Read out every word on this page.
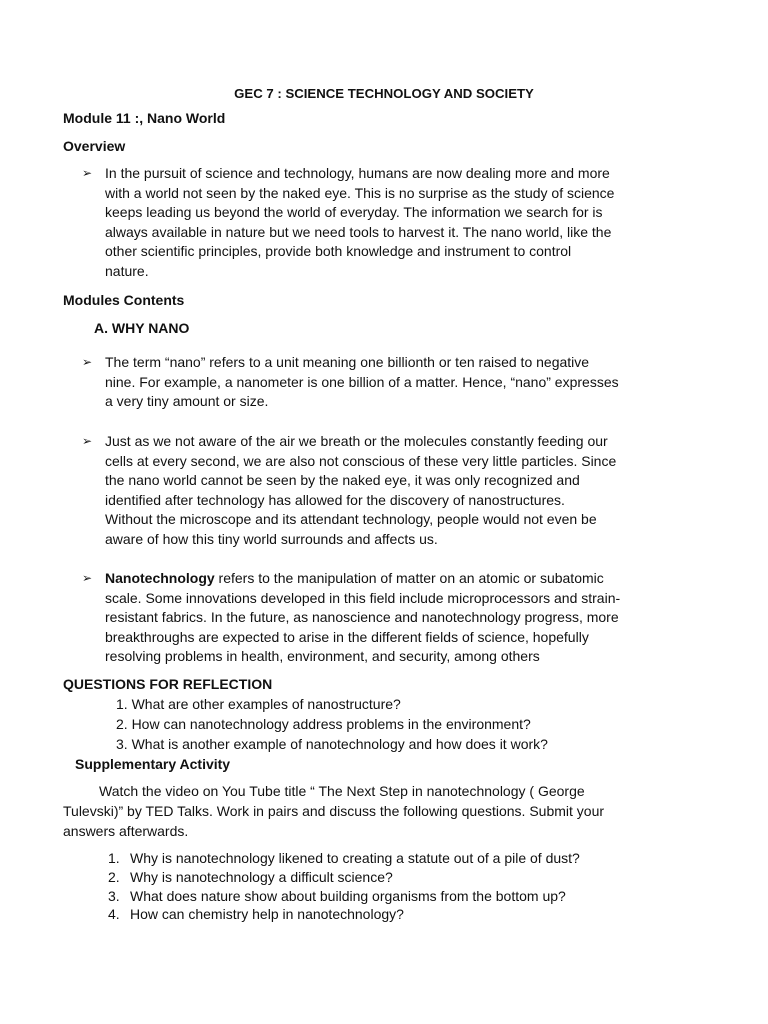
GEC 7 : SCIENCE TECHNOLOGY AND SOCIETY
Module 11 :, Nano World
Overview
➢ In the pursuit of science and technology, humans are now dealing more and more
with a world not seen by the naked eye. This is no surprise as the study of science
keeps leading us beyond the world of everyday. The information we search for is
always available in nature but we need tools to harvest it. The nano world, like the
other scientific principles, provide both knowledge and instrument to control
nature.
Modules Contents
A. WHY NANO
➢ The term “nano” refers to a unit meaning one billionth or ten raised to negative
nine. For example, a nanometer is one billion of a matter. Hence, “nano” expresses
a very tiny amount or size.
➢ Just as we not aware of the air we breath or the molecules constantly feeding our
cells at every second, we are also not conscious of these very little particles. Since
the nano world cannot be seen by the naked eye, it was only recognized and
identified after technology has allowed for the discovery of nanostructures.
Without the microscope and its attendant technology, people would not even be
aware of how this tiny world surrounds and affects us.
➢ Nanotechnology refers to the manipulation of matter on an atomic or subatomic
scale. Some innovations developed in this field include microprocessors and strain-
resistant fabrics. In the future, as nanoscience and nanotechnology progress, more
breakthroughs are expected to arise in the different fields of science, hopefully
resolving problems in health, environment, and security, among others
QUESTIONS FOR REFLECTION
1. What are other examples of nanostructure?
2. How can nanotechnology address problems in the environment?
3. What is another example of nanotechnology and how does it work?
Supplementary Activity
Watch the video on You Tube title “ The Next Step in nanotechnology ( George
Tulevski)” by TED Talks. Work in pairs and discuss the following questions. Submit your
answers afterwards.
1. Why is nanotechnology likened to creating a statute out of a pile of dust?
2. Why is nanotechnology a difficult science?
3. What does nature show about building organisms from the bottom up?
4. How can chemistry help in nanotechnology?
